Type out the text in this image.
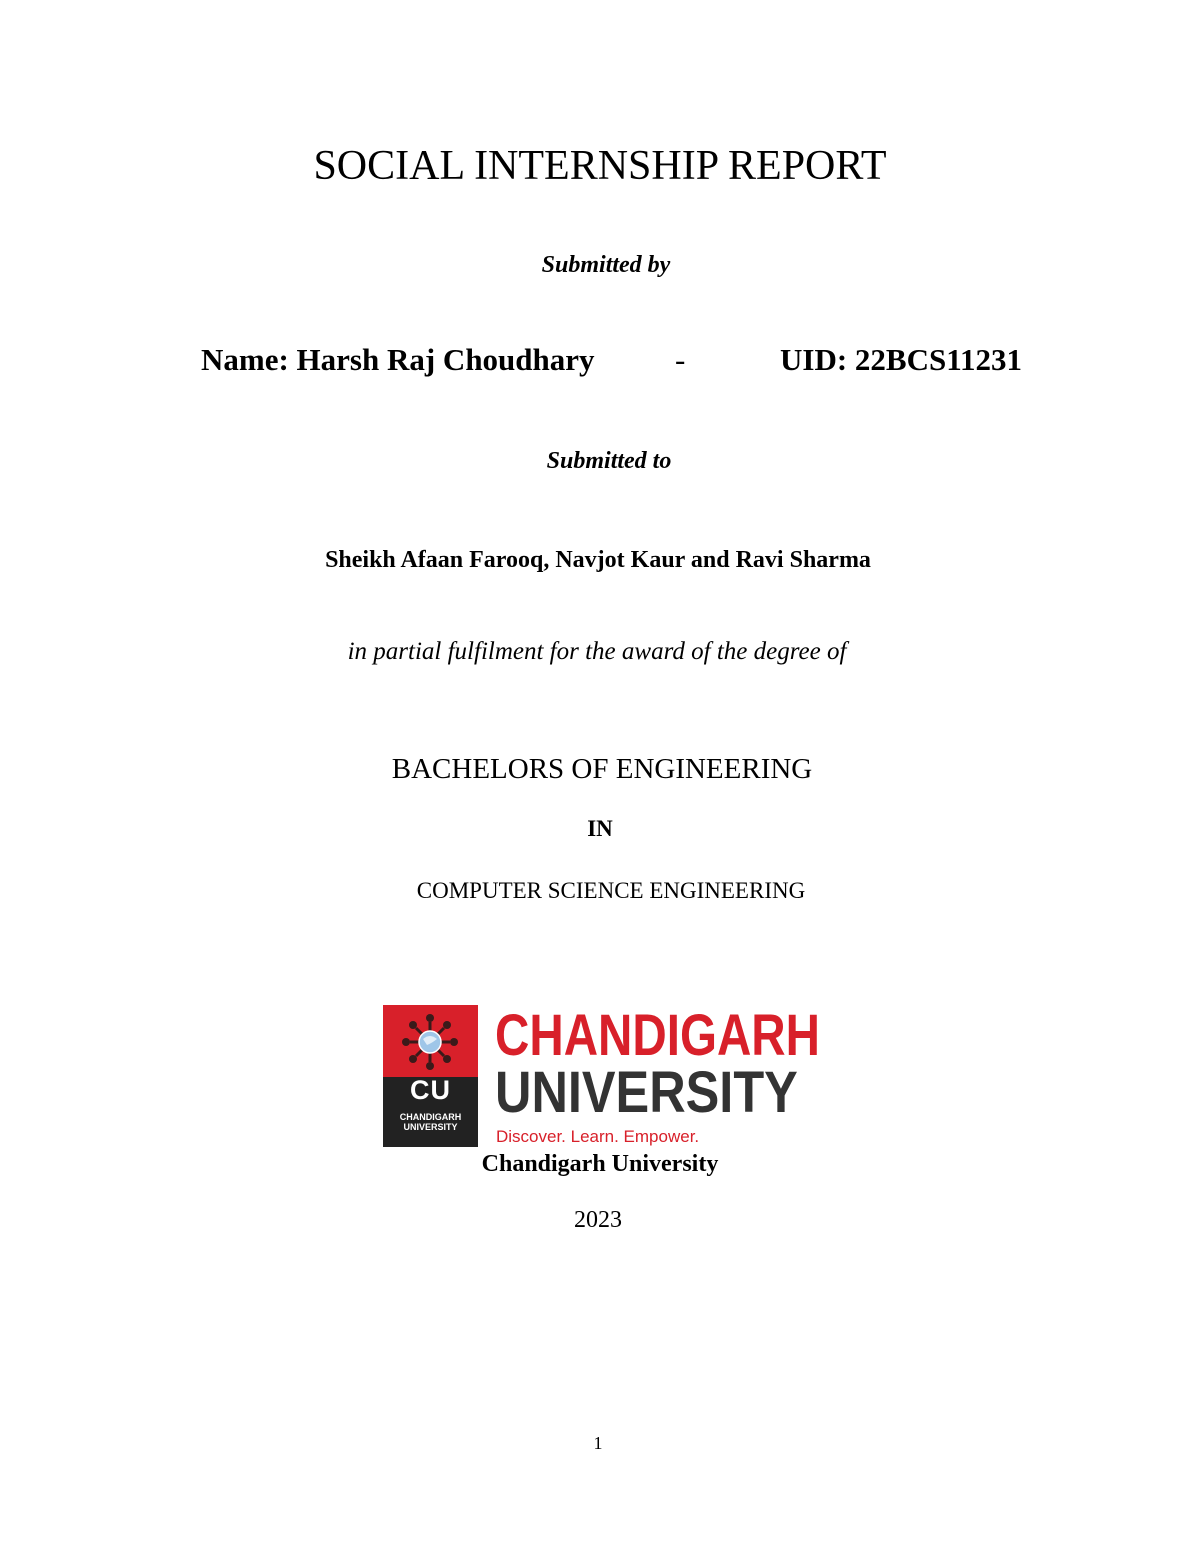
SOCIAL INTERNSHIP REPORT
Submitted by
Name: Harsh Raj Choudhary	-	UID: 22BCS11231
Submitted to
Sheikh Afaan Farooq, Navjot Kaur and Ravi Sharma
in partial fulfilment for the award of the degree of
BACHELORS OF ENGINEERING
IN
COMPUTER SCIENCE ENGINEERING
CU
CHANDIGARH
UNIVERSITY
CHANDIGARH
UNIVERSITY
Discover. Learn. Empower.
Chandigarh University
2023
1
